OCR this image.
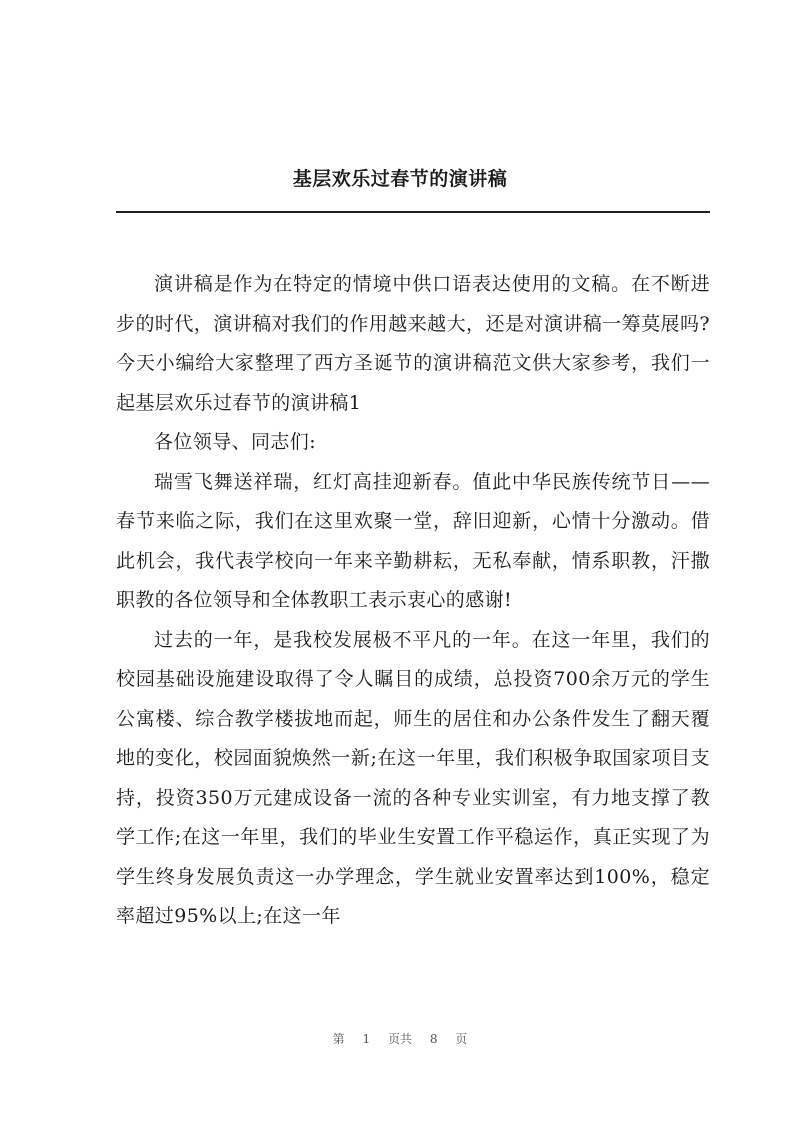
基层欢乐过春节的演讲稿

演讲稿是作为在特定的情境中供口语表达使用的文稿。在不断进步的时代，演讲稿对我们的作用越来越大，还是对演讲稿一筹莫展吗?今天小编给大家整理了西方圣诞节的演讲稿范文供大家参考，我们一起基层欢乐过春节的演讲稿1

各位领导、同志们:

瑞雪飞舞送祥瑞，红灯高挂迎新春。值此中华民族传统节日——春节来临之际，我们在这里欢聚一堂，辞旧迎新，心情十分激动。借此机会，我代表学校向一年来辛勤耕耘，无私奉献，情系职教，汗撒职教的各位领导和全体教职工表示衷心的感谢!

过去的一年，是我校发展极不平凡的一年。在这一年里，我们的校园基础设施建设取得了令人瞩目的成绩，总投资700余万元的学生公寓楼、综合教学楼拔地而起，师生的居住和办公条件发生了翻天覆地的变化，校园面貌焕然一新;在这一年里，我们积极争取国家项目支持，投资350万元建成设备一流的各种专业实训室，有力地支撑了教学工作;在这一年里，我们的毕业生安置工作平稳运作，真正实现了为学生终身发展负责这一办学理念，学生就业安置率达到100%，稳定率超过95%以上;在这一年

第 1 页共 8 页
